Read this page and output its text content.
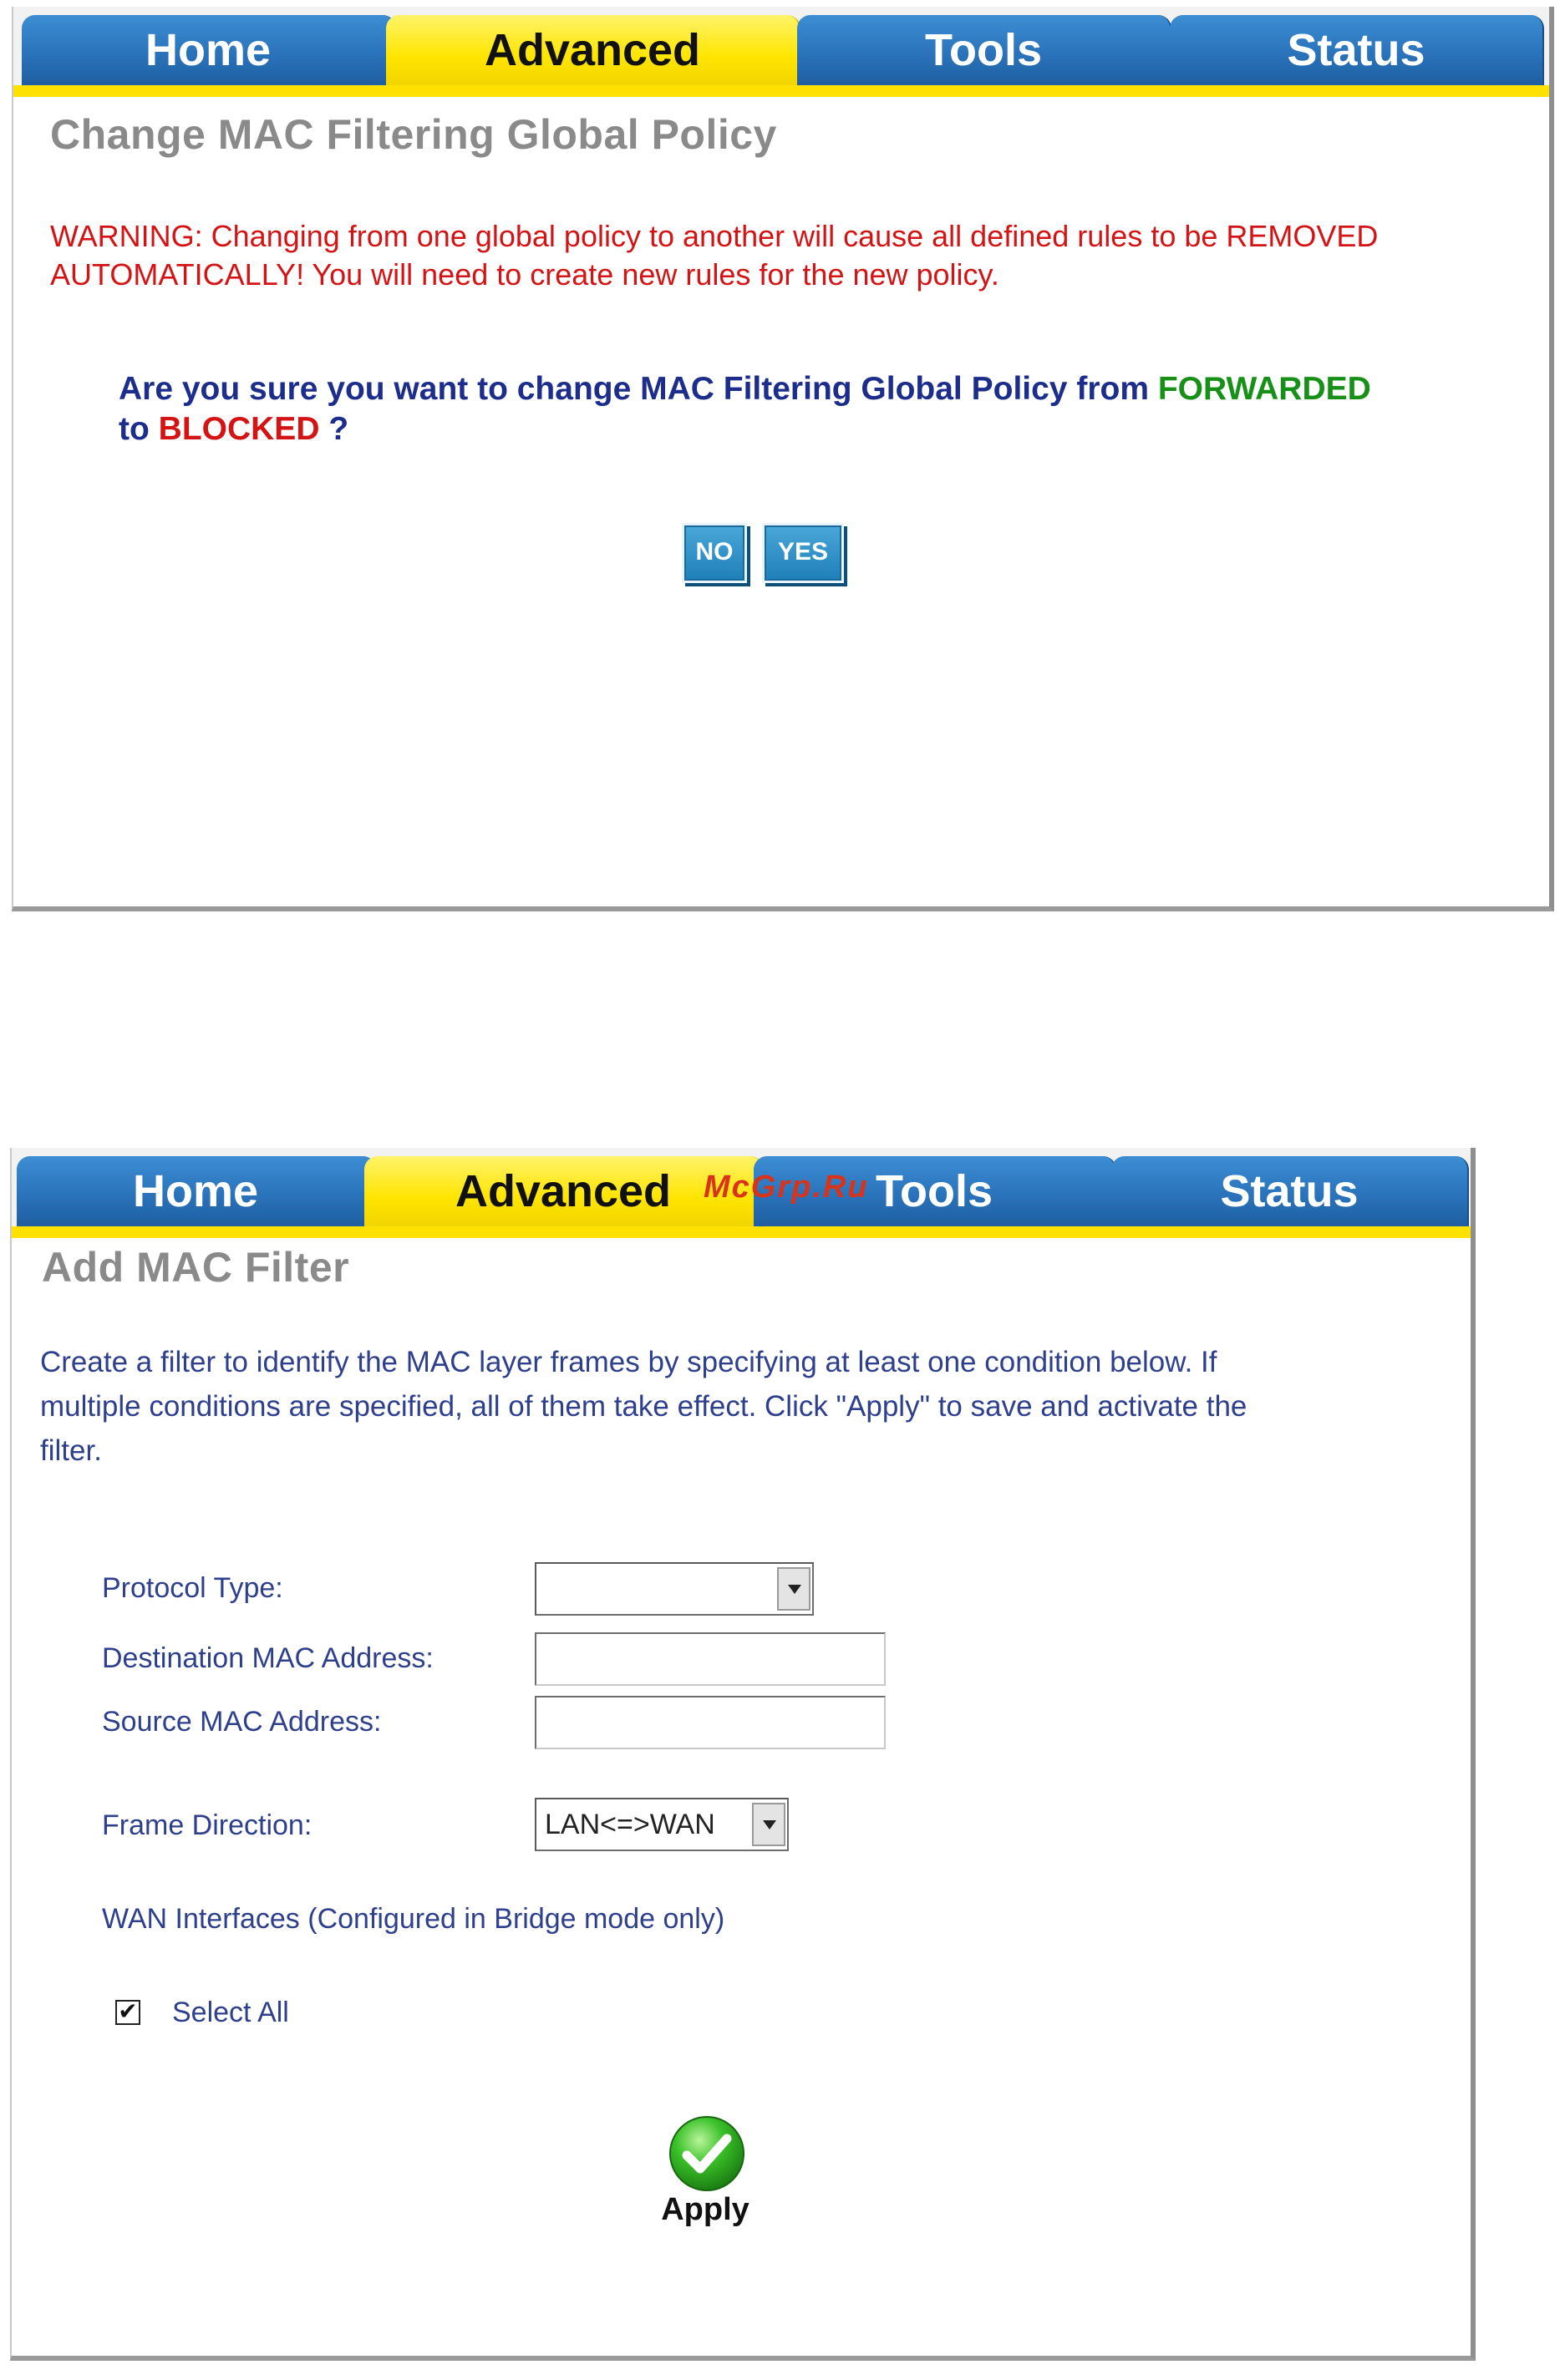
Home	Advanced	Tools	Status
Change MAC Filtering Global Policy
WARNING: Changing from one global policy to another will cause all defined rules to be REMOVED
AUTOMATICALLY! You will need to create new rules for the new policy.
Are you sure you want to change MAC Filtering Global Policy from FORWARDED
to BLOCKED ?
NO	YES
Home	Advanced	Tools	Status
Add MAC Filter
Create a filter to identify the MAC layer frames by specifying at least one condition below. If
multiple conditions are specified, all of them take effect. Click "Apply" to save and activate the
filter.
Protocol Type:
Destination MAC Address:
Source MAC Address:
Frame Direction:	LAN<=>WAN
WAN Interfaces (Configured in Bridge mode only)
✔ Select All
Apply
McGrp.Ru
